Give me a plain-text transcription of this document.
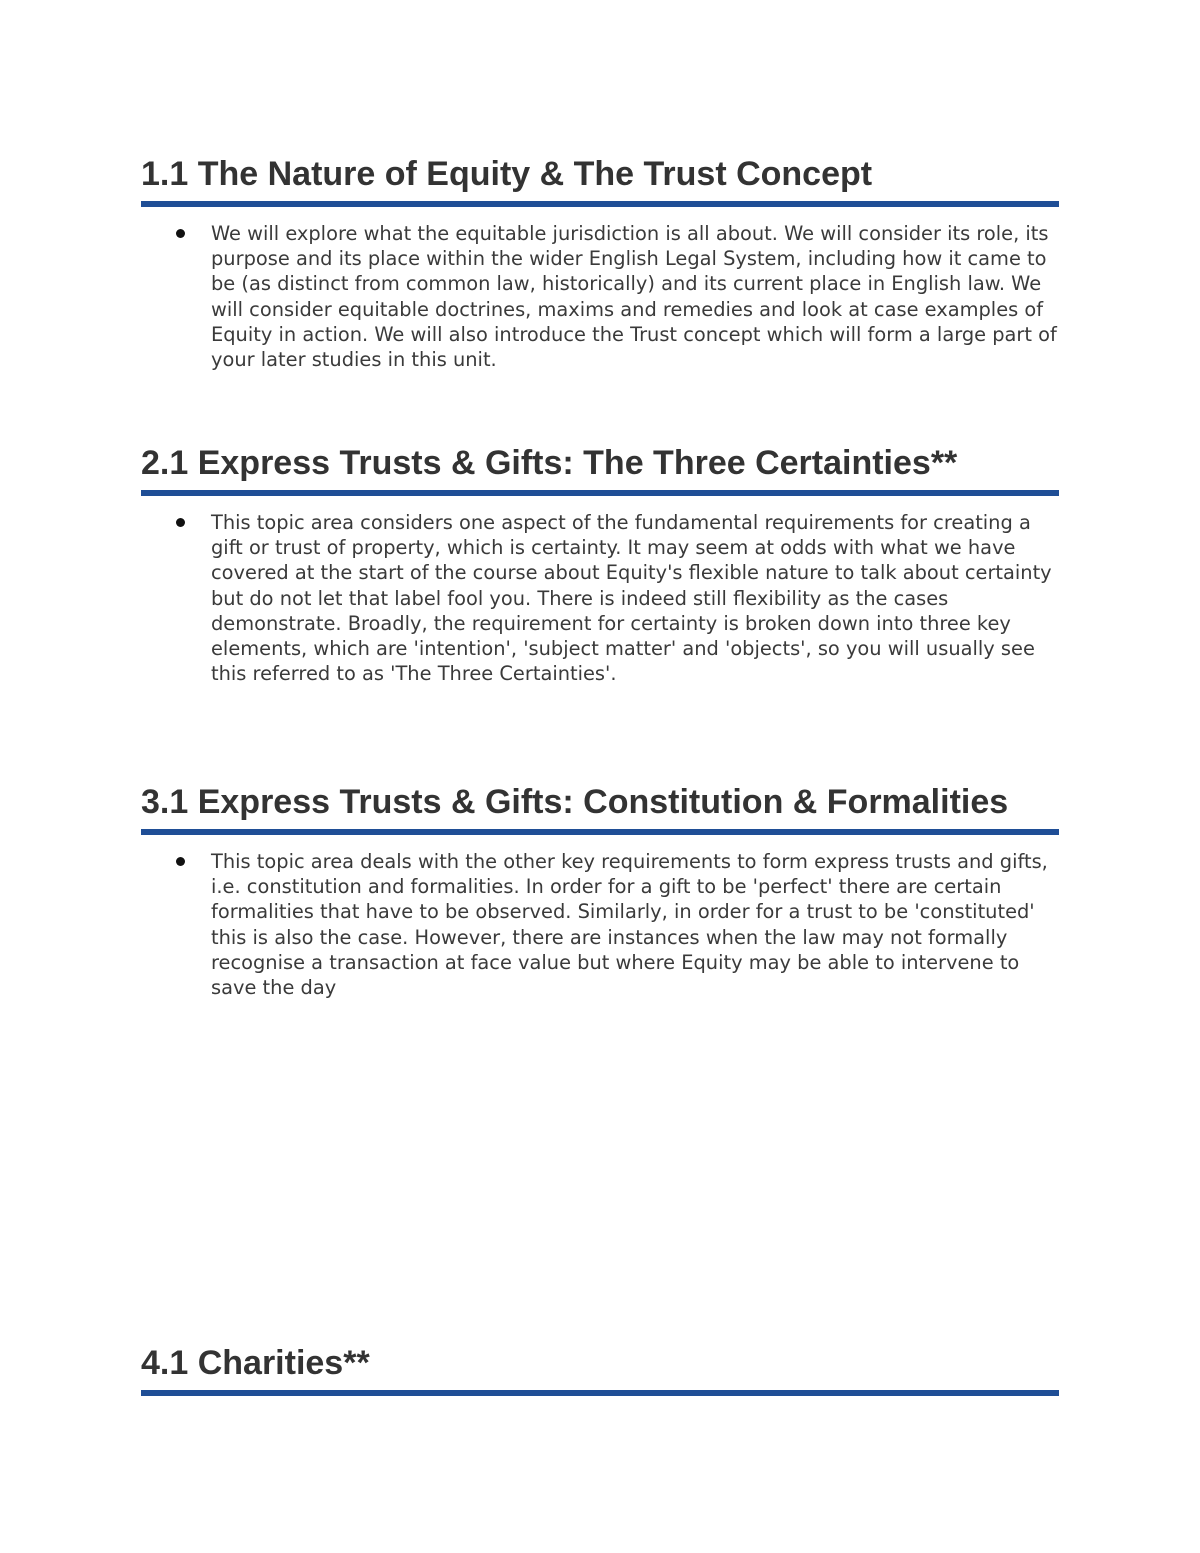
1.1 The Nature of Equity & The Trust Concept
We will explore what the equitable jurisdiction is all about. We will consider its role, its purpose and its place within the wider English Legal System, including how it came to be (as distinct from common law, historically) and its current place in English law. We will consider equitable doctrines, maxims and remedies and look at case examples of Equity in action. We will also introduce the Trust concept which will form a large part of your later studies in this unit.
2.1 Express Trusts & Gifts: The Three Certainties**
This topic area considers one aspect of the fundamental requirements for creating a gift or trust of property, which is certainty. It may seem at odds with what we have covered at the start of the course about Equity's flexible nature to talk about certainty but do not let that label fool you. There is indeed still flexibility as the cases demonstrate. Broadly, the requirement for certainty is broken down into three key elements, which are 'intention', 'subject matter' and 'objects', so you will usually see this referred to as 'The Three Certainties'.
3.1 Express Trusts & Gifts: Constitution & Formalities
This topic area deals with the other key requirements to form express trusts and gifts, i.e. constitution and formalities. In order for a gift to be 'perfect' there are certain formalities that have to be observed. Similarly, in order for a trust to be 'constituted' this is also the case. However, there are instances when the law may not formally recognise a transaction at face value but where Equity may be able to intervene to save the day
4.1 Charities**
